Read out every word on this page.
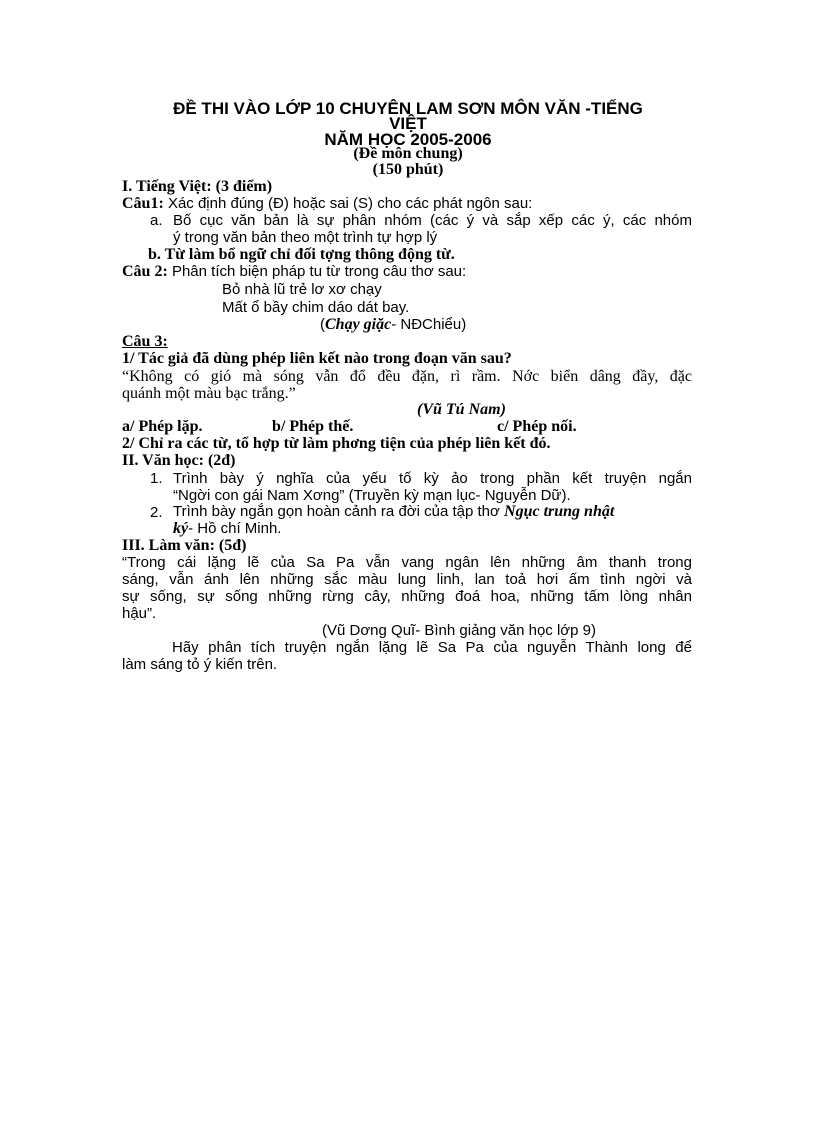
ĐỀ THI VÀO LỚP 10 CHUYÊN LAM SƠN MÔN VĂN -TIẾNG
VIỆT
NĂM HỌC 2005-2006
(Đề môn chung)
(150 phút)
I. Tiếng Việt: (3 điểm)
Câu1: Xác định đúng (Đ) hoặc sai (S) cho các phát ngôn sau:
a. Bố cục văn bản là sự phân nhóm (các ý và sắp xếp các ý, các nhóm
ý trong văn bản theo một trình tự hợp lý
b. Từ làm bổ ngữ chỉ đối tợng thông động từ.
Câu 2: Phân tích biện pháp tu từ trong câu thơ sau:
Bỏ nhà lũ trẻ lơ xơ chạy
Mất ổ bầy chim dáo dát bay.
(Chạy giặc- NĐChiểu)
Câu 3:
1/ Tác giả đã dùng phép liên kết nào trong đoạn văn sau?
“Không có gió mà sóng vẫn đổ đều đặn, rì rầm. Nớc biển dâng đầy, đặc
quánh một màu bạc trắng.”
(Vũ Tú Nam)
a/ Phép lặp.	b/ Phép thế.	c/ Phép nối.
2/ Chỉ ra các từ, tổ hợp từ làm phơng tiện của phép liên kết đó.
II. Văn học: (2đ)
1. Trình bày ý nghĩa của yếu tố kỳ ảo trong phần kết truyện ngắn
“Ngời con gái Nam Xơng” (Truyền kỳ mạn lục- Nguyễn Dữ).
2. Trình bày ngắn gọn hoàn cảnh ra đời của tập thơ Ngục trung nhật
ký- Hồ chí Minh.
III. Làm văn: (5đ)
“Trong cái lặng lẽ của Sa Pa vẫn vang ngân lên những âm thanh trong
sáng, vẫn ánh lên những sắc màu lung linh, lan toả hơi ấm tình ngời và
sự sống, sự sống những rừng cây, những đoá hoa, những tấm lòng nhân
hậu”.
(Vũ Dơng Quĩ- Bình giảng văn học lớp 9)
Hãy phân tích truyện ngắn lặng lẽ Sa Pa của nguyễn Thành long để
làm sáng tỏ ý kiến trên.
